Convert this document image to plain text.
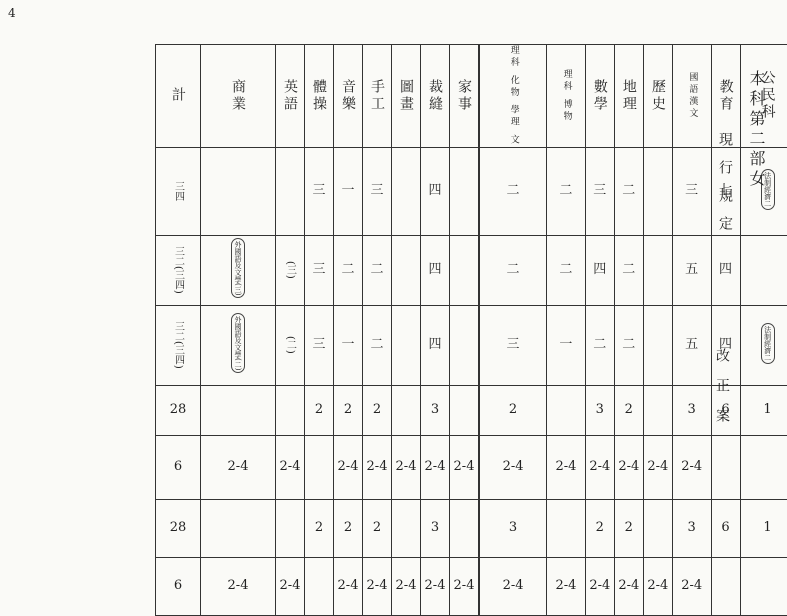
4
計	商業	英語	體操	音樂	手工	圖畫	裁縫	家事		理科 化物 學理 文	理科 博物	數學	地理	歷史	國語漢文	教育	公民科

三四			三	一	三		四			二	二	三	二		三	七	法制經濟二		

三二(三四)	外國語及文學(三)	(三)	三	二	二		四			二	二	四	二		五	四			

三二(三四)	外國語及文學(二)	(二)	三	一	二		四			三	一	二	二		五	四	法制經濟二		

28			2	2	2		3			2		3	2		3	6	1		

6	2-4	2-4		2-4	2-4	2-4	2-4	2-4		2-4	2-4	2-4	2-4	2-4	2-4				

28			2	2	2		3			3		2	2		3	6	1		

6	2-4	2-4		2-4	2-4	2-4	2-4	2-4		2-4	2-4	2-4	2-4	2-4	2-4				
本科第二部女
現行規定
改正案
